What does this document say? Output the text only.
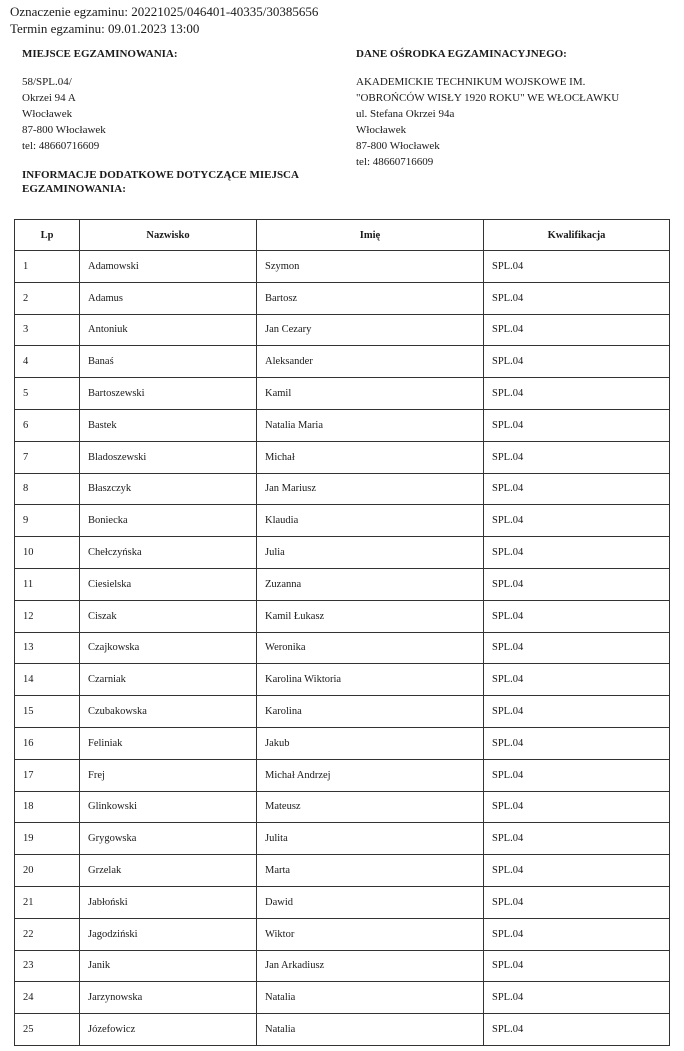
Oznaczenie egzaminu: 20221025/046401-40335/30385656
Termin egzaminu: 09.01.2023 13:00
MIEJSCE EGZAMINOWANIA:
58/SPL.04/
Okrzei 94 A
Włocławek
87-800 Włocławek
tel: 48660716609
DANE OŚRODKA EGZAMINACYJNEGO:
AKADEMICKIE TECHNIKUM WOJSKOWE IM.
"OBROŃCÓW WISŁY 1920 ROKU" WE WŁOCŁAWKU
ul. Stefana Okrzei 94a
Włocławek
87-800 Włocławek
tel: 48660716609
INFORMACJE DODATKOWE DOTYCZĄCE MIEJSCA
EGZAMINOWANIA:
Lp	Nazwisko	Imię	Kwalifikacja
1	Adamowski	Szymon	SPL.04
2	Adamus	Bartosz	SPL.04
3	Antoniuk	Jan Cezary	SPL.04
4	Banaś	Aleksander	SPL.04
5	Bartoszewski	Kamil	SPL.04
6	Bastek	Natalia Maria	SPL.04
7	Bladoszewski	Michał	SPL.04
8	Błaszczyk	Jan Mariusz	SPL.04
9	Boniecka	Klaudia	SPL.04
10	Chełczyńska	Julia	SPL.04
11	Ciesielska	Zuzanna	SPL.04
12	Ciszak	Kamil Łukasz	SPL.04
13	Czajkowska	Weronika	SPL.04
14	Czarniak	Karolina Wiktoria	SPL.04
15	Czubakowska	Karolina	SPL.04
16	Feliniak	Jakub	SPL.04
17	Frej	Michał Andrzej	SPL.04
18	Glinkowski	Mateusz	SPL.04
19	Grygowska	Julita	SPL.04
20	Grzelak	Marta	SPL.04
21	Jabłoński	Dawid	SPL.04
22	Jagodziński	Wiktor	SPL.04
23	Janik	Jan Arkadiusz	SPL.04
24	Jarzynowska	Natalia	SPL.04
25	Józefowicz	Natalia	SPL.04
